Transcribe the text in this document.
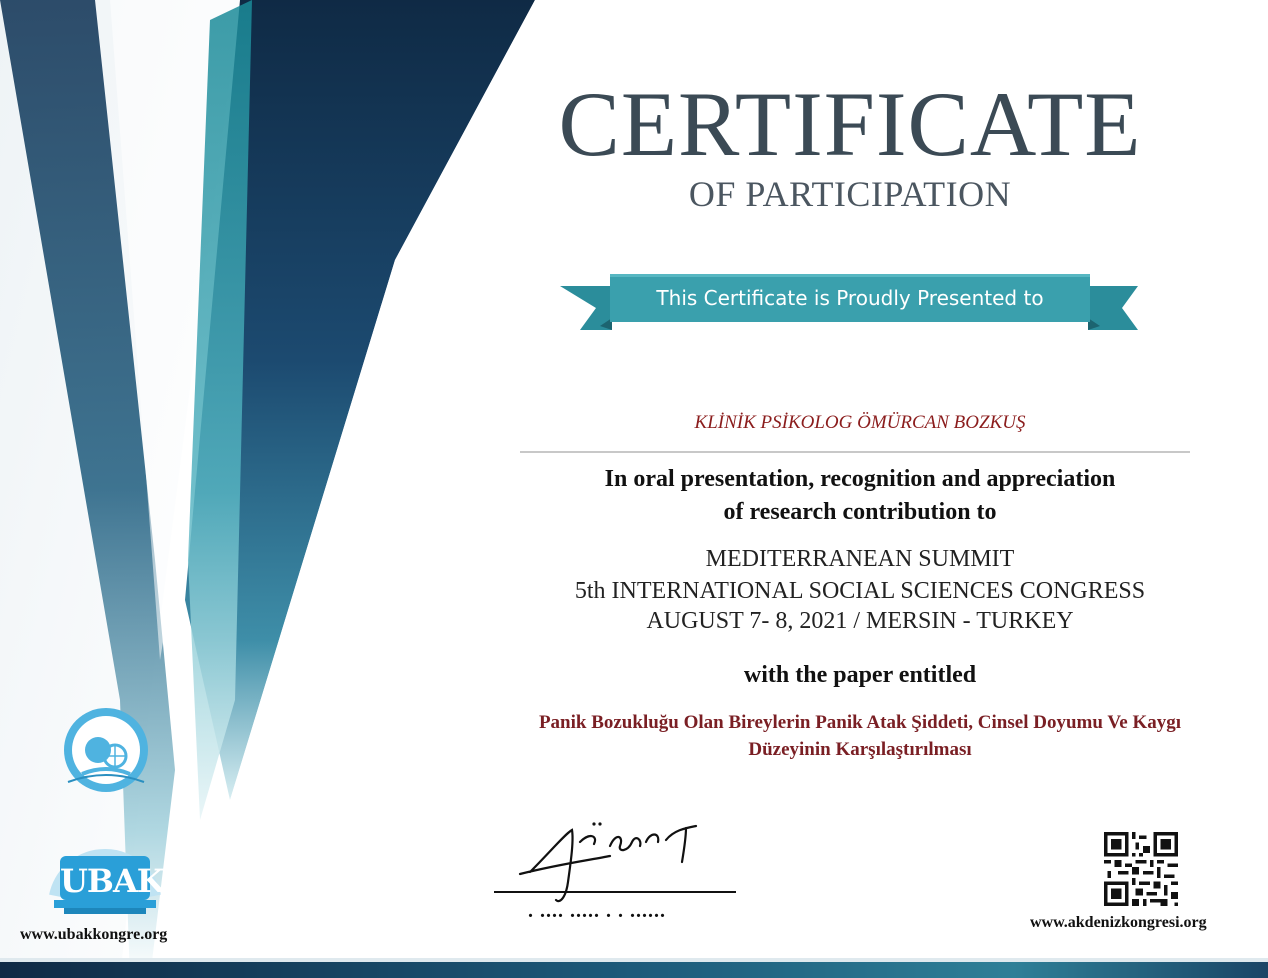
CERTIFICATE
OF PARTICIPATION
This Certificate is Proudly Presented to
KLİNİK PSİKOLOG ÖMÜRCAN BOZKUŞ
In oral presentation, recognition and appreciation
of research contribution to
MEDITERRANEAN SUMMIT
5th INTERNATIONAL SOCIAL SCIENCES CONGRESS
AUGUST 7- 8, 2021 / MERSIN - TURKEY
with the paper entitled
Panik Bozukluğu Olan Bireylerin Panik Atak Şiddeti, Cinsel Doyumu Ve Kaygı
Düzeyinin Karşılaştırılması
UBAK
. .... ..... . . ......
www.ubakkongre.org
www.akdenizkongresi.org
